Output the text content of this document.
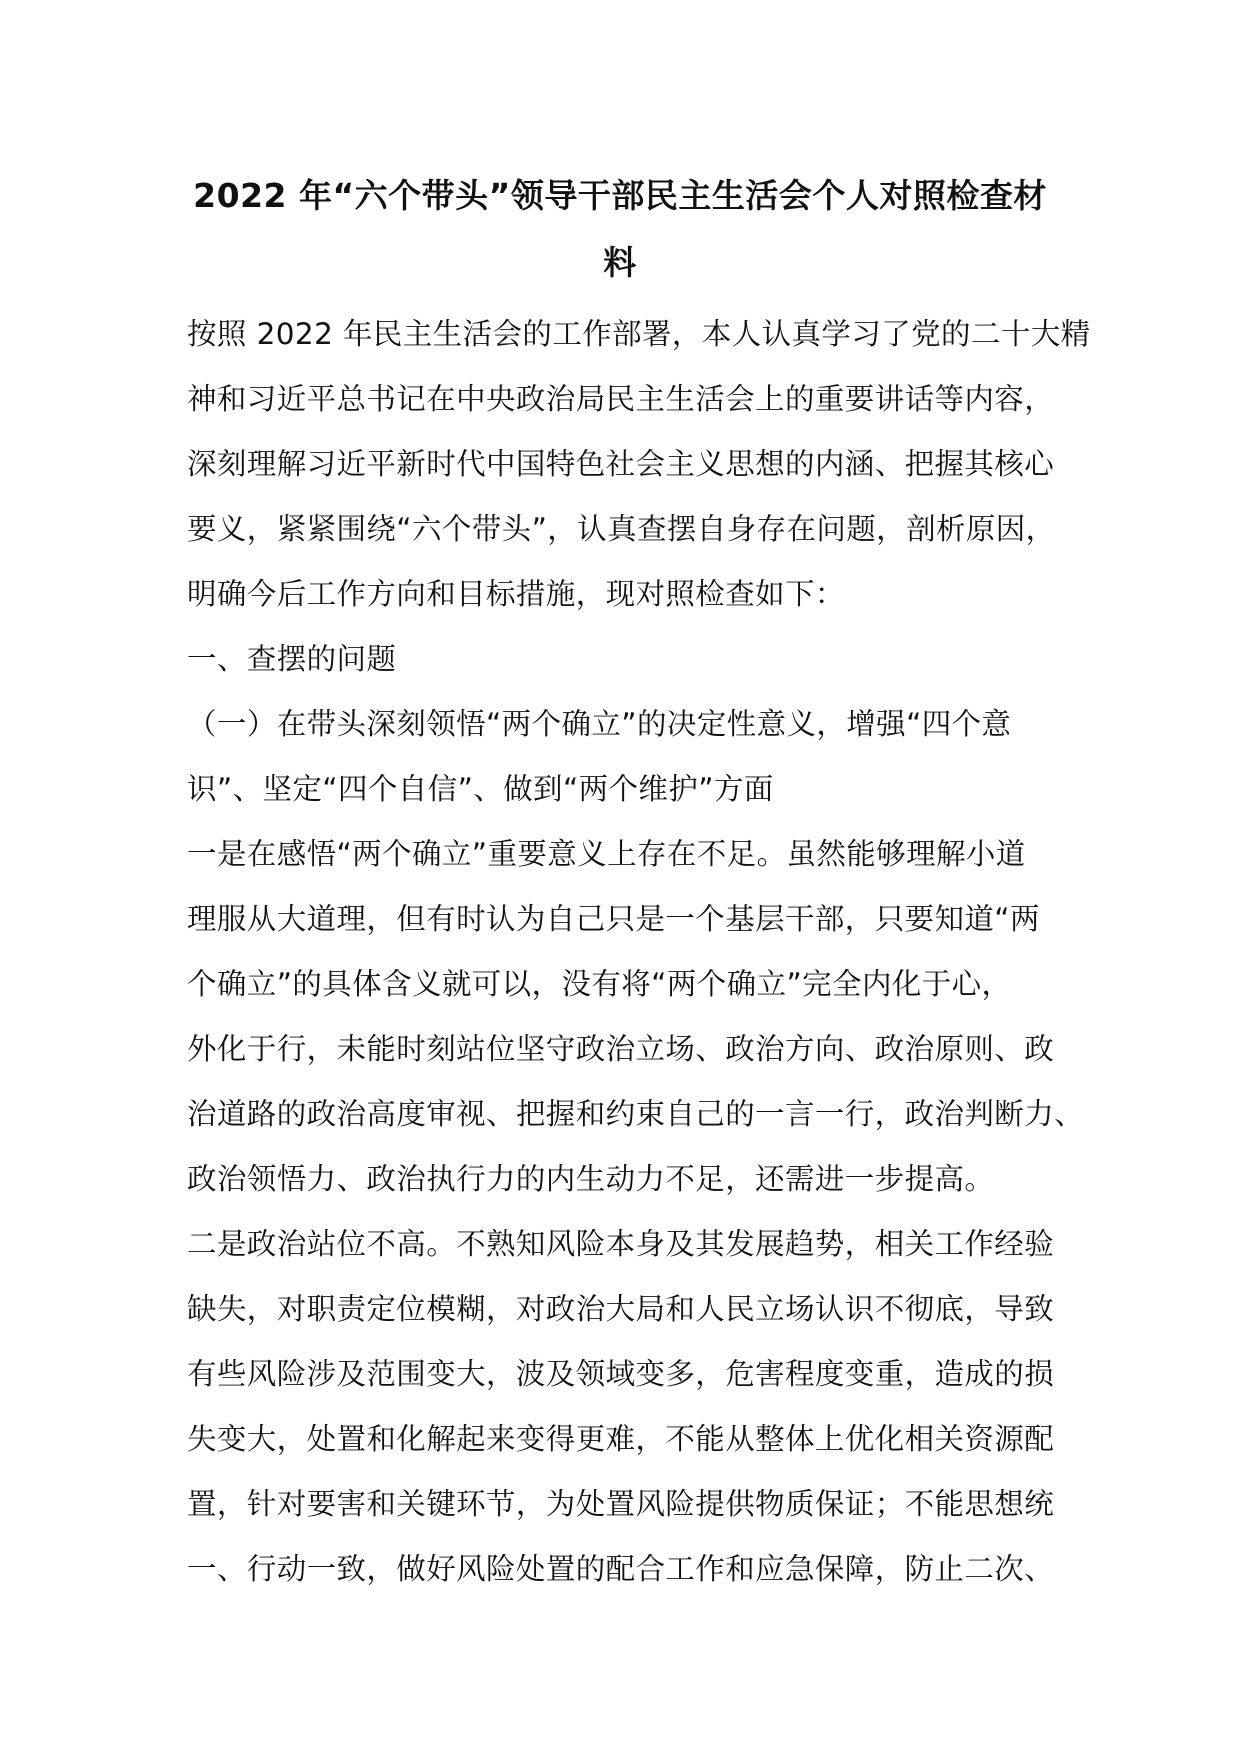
2022 年“六个带头”领导干部民主生活会个人对照检查材
料
按照 2022 年民主生活会的工作部署，本人认真学习了党的二十大精
神和习近平总书记在中央政治局民主生活会上的重要讲话等内容，
深刻理解习近平新时代中国特色社会主义思想的内涵、把握其核心
要义，紧紧围绕“六个带头”，认真查摆自身存在问题，剖析原因，
明确今后工作方向和目标措施，现对照检查如下：
一、查摆的问题
（一）在带头深刻领悟“两个确立”的决定性意义，增强“四个意
识”、坚定“四个自信”、做到“两个维护”方面
一是在感悟“两个确立”重要意义上存在不足。虽然能够理解小道
理服从大道理，但有时认为自己只是一个基层干部，只要知道“两
个确立”的具体含义就可以，没有将“两个确立”完全内化于心，
外化于行，未能时刻站位坚守政治立场、政治方向、政治原则、政
治道路的政治高度审视、把握和约束自己的一言一行，政治判断力、
政治领悟力、政治执行力的内生动力不足，还需进一步提高。
二是政治站位不高。不熟知风险本身及其发展趋势，相关工作经验
缺失，对职责定位模糊，对政治大局和人民立场认识不彻底，导致
有些风险涉及范围变大，波及领域变多，危害程度变重，造成的损
失变大，处置和化解起来变得更难，不能从整体上优化相关资源配
置，针对要害和关键环节，为处置风险提供物质保证；不能思想统
一、行动一致，做好风险处置的配合工作和应急保障，防止二次、
